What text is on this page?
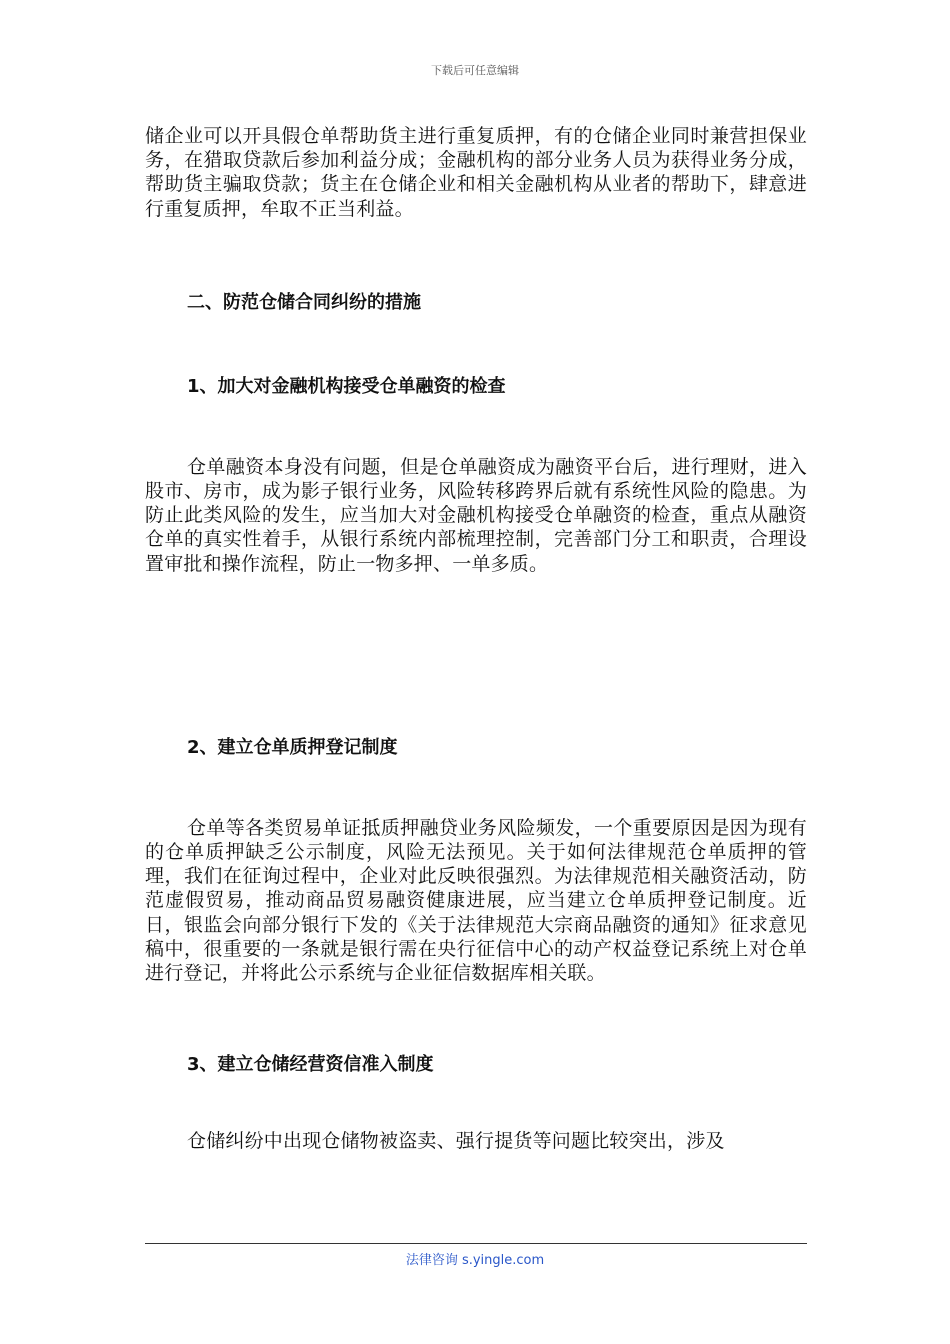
下载后可任意编辑

储企业可以开具假仓单帮助货主进行重复质押，有的仓储企业同时兼营担保业务，在猎取贷款后参加利益分成；金融机构的部分业务人员为获得业务分成，帮助货主骗取贷款；货主在仓储企业和相关金融机构从业者的帮助下，肆意进行重复质押，牟取不正当利益。

二、防范仓储合同纠纷的措施

1、加大对金融机构接受仓单融资的检查

仓单融资本身没有问题，但是仓单融资成为融资平台后，进行理财，进入股市、房市，成为影子银行业务，风险转移跨界后就有系统性风险的隐患。为防止此类风险的发生，应当加大对金融机构接受仓单融资的检查，重点从融资仓单的真实性着手，从银行系统内部梳理控制，完善部门分工和职责，合理设置审批和操作流程，防止一物多押、一单多质。

2、建立仓单质押登记制度

仓单等各类贸易单证抵质押融贷业务风险频发，一个重要原因是因为现有的仓单质押缺乏公示制度，风险无法预见。关于如何法律规范仓单质押的管理，我们在征询过程中，企业对此反映很强烈。为法律规范相关融资活动，防范虚假贸易，推动商品贸易融资健康进展，应当建立仓单质押登记制度。近日，银监会向部分银行下发的《关于法律规范大宗商品融资的通知》征求意见稿中，很重要的一条就是银行需在央行征信中心的动产权益登记系统上对仓单进行登记，并将此公示系统与企业征信数据库相关联。

3、建立仓储经营资信准入制度

仓储纠纷中出现仓储物被盗卖、强行提货等问题比较突出，涉及

法律咨询 s.yingle.com
